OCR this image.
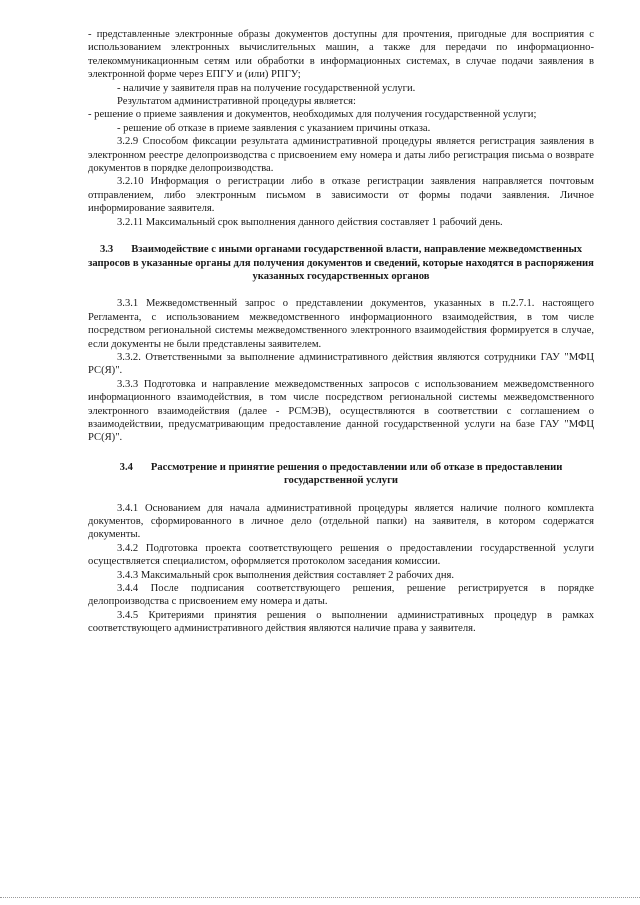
- представленные электронные образы документов доступны для прочтения, пригодные для восприятия с использованием электронных вычислительных машин, а также для передачи по информационно-телекоммуникационным сетям или обработки в информационных системах, в случае подачи заявления в электронной форме через ЕПГУ и (или) РПГУ;

- наличие у заявителя прав на получение государственной услуги.

Результатом административной процедуры является:

- решение о приеме заявления и документов, необходимых для получения государственной услуги;

- решение об отказе в приеме заявления с указанием причины отказа.

3.2.9 Способом фиксации результата административной процедуры является регистрация заявления в электронном реестре делопроизводства с присвоением ему номера и даты либо регистрация письма о возврате документов в порядке делопроизводства.

3.2.10 Информация о регистрации либо в отказе регистрации заявления направляется почтовым отправлением, либо электронным письмом в зависимости от формы подачи заявления. Личное информирование заявителя.

3.2.11 Максимальный срок выполнения данного действия составляет 1 рабочий день.

3.3 Взаимодействие с иными органами государственной власти, направление межведомственных запросов в указанные органы для получения документов и сведений, которые находятся в распоряжения указанных государственных органов

3.3.1 Межведомственный запрос о представлении документов, указанных в п.2.7.1. настоящего Регламента, с использованием межведомственного информационного взаимодействия, в том числе посредством региональной системы межведомственного электронного взаимодействия формируется в случае, если документы не были представлены заявителем.

3.3.2. Ответственными за выполнение административного действия являются сотрудники ГАУ "МФЦ РС(Я)".

3.3.3 Подготовка и направление межведомственных запросов с использованием межведомственного информационного взаимодействия, в том числе посредством региональной системы межведомственного электронного взаимодействия (далее - РСМЭВ), осуществляются в соответствии с соглашением о взаимодействии, предусматривающим предоставление данной государственной услуги на базе ГАУ "МФЦ РС(Я)".

3.4 Рассмотрение и принятие решения о предоставлении или об отказе в предоставлении государственной услуги

3.4.1 Основанием для начала административной процедуры является наличие полного комплекта документов, сформированного в личное дело (отдельной папки) на заявителя, в котором содержатся документы.

3.4.2 Подготовка проекта соответствующего решения о предоставлении государственной услуги осуществляется специалистом, оформляется протоколом заседания комиссии.

3.4.3 Максимальный срок выполнения действия составляет 2 рабочих дня.

3.4.4 После подписания соответствующего решения, решение регистрируется в порядке делопроизводства с присвоением ему номера и даты.

3.4.5 Критериями принятия решения о выполнении административных процедур в рамках соответствующего административного действия являются наличие права у заявителя.
